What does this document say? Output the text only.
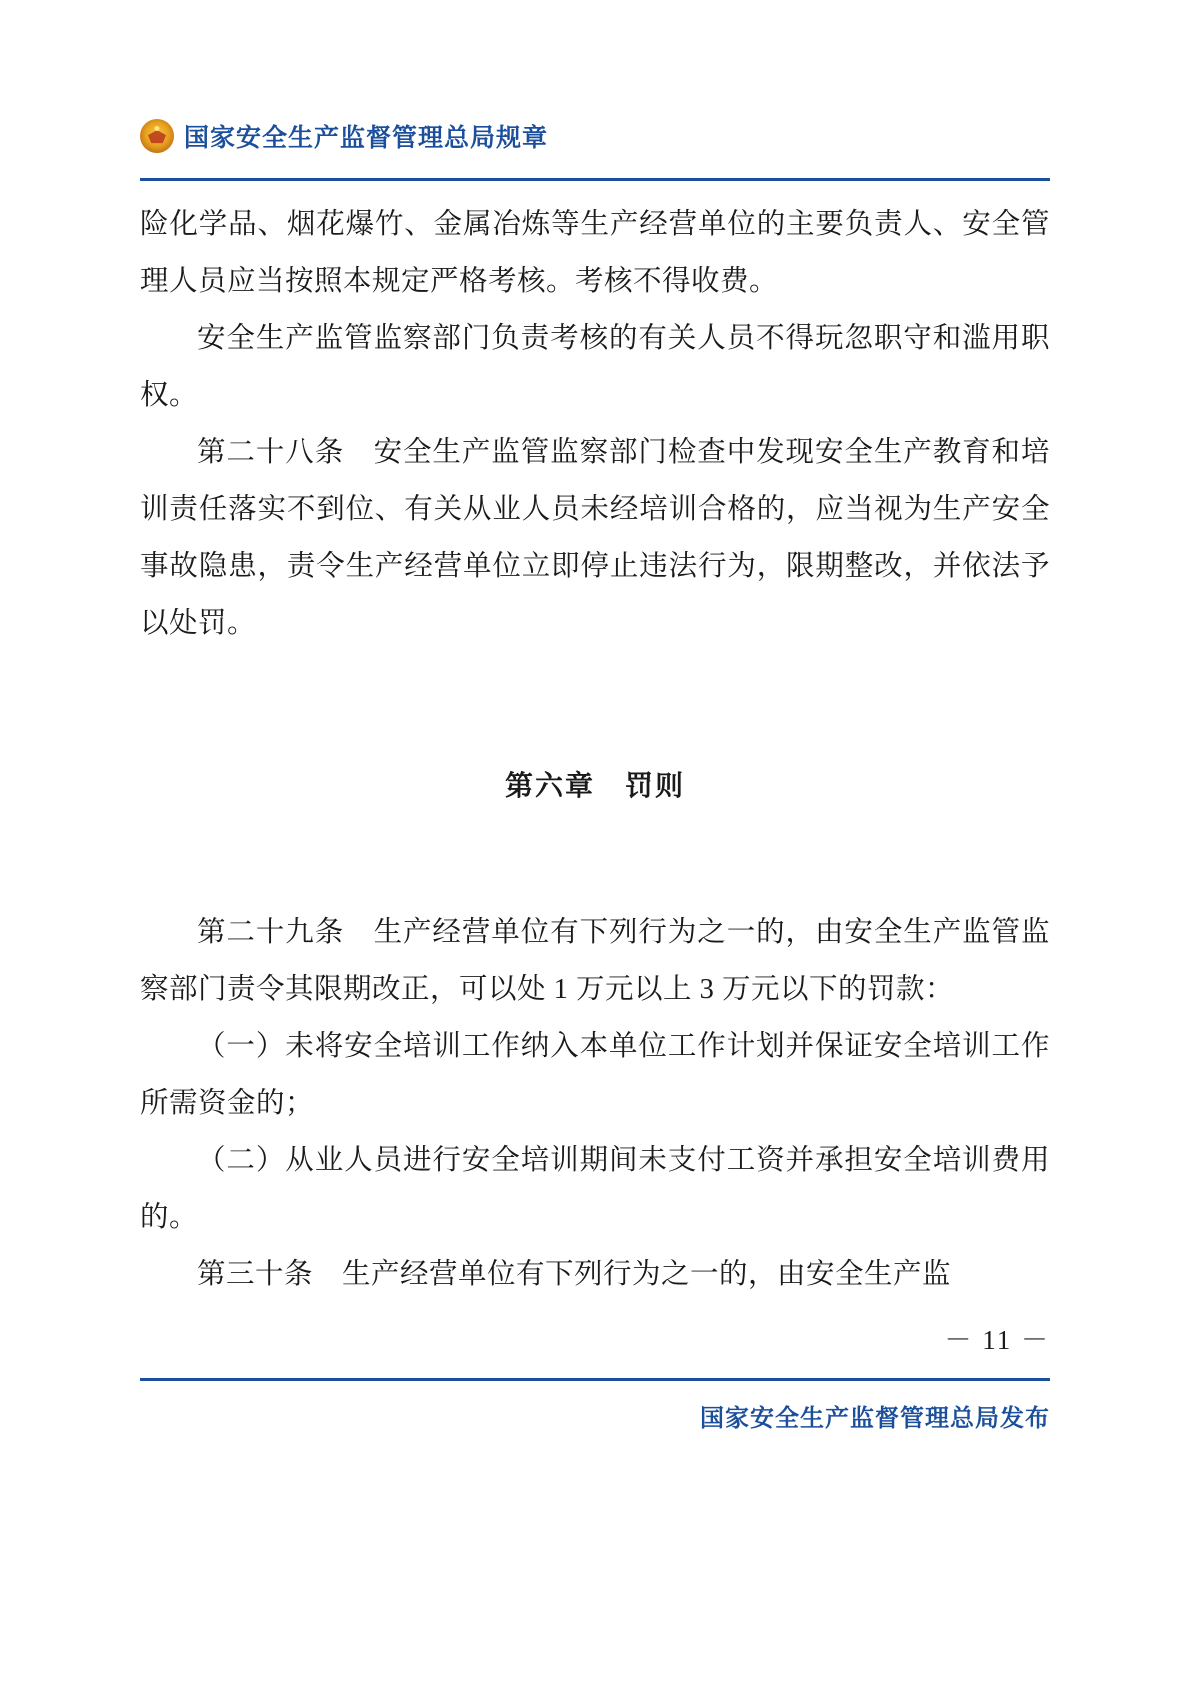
国家安全生产监督管理总局规章

险化学品、烟花爆竹、金属冶炼等生产经营单位的主要负责人、安全管理人员应当按照本规定严格考核。考核不得收费。

安全生产监管监察部门负责考核的有关人员不得玩忽职守和滥用职权。

第二十八条　安全生产监管监察部门检查中发现安全生产教育和培训责任落实不到位、有关从业人员未经培训合格的，应当视为生产安全事故隐患，责令生产经营单位立即停止违法行为，限期整改，并依法予以处罚。

第六章　罚则

第二十九条　生产经营单位有下列行为之一的，由安全生产监管监察部门责令其限期改正，可以处 1 万元以上 3 万元以下的罚款：

（一）未将安全培训工作纳入本单位工作计划并保证安全培训工作所需资金的；

（二）从业人员进行安全培训期间未支付工资并承担安全培训费用的。

第三十条　生产经营单位有下列行为之一的，由安全生产监

－ 11 －
国家安全生产监督管理总局发布
